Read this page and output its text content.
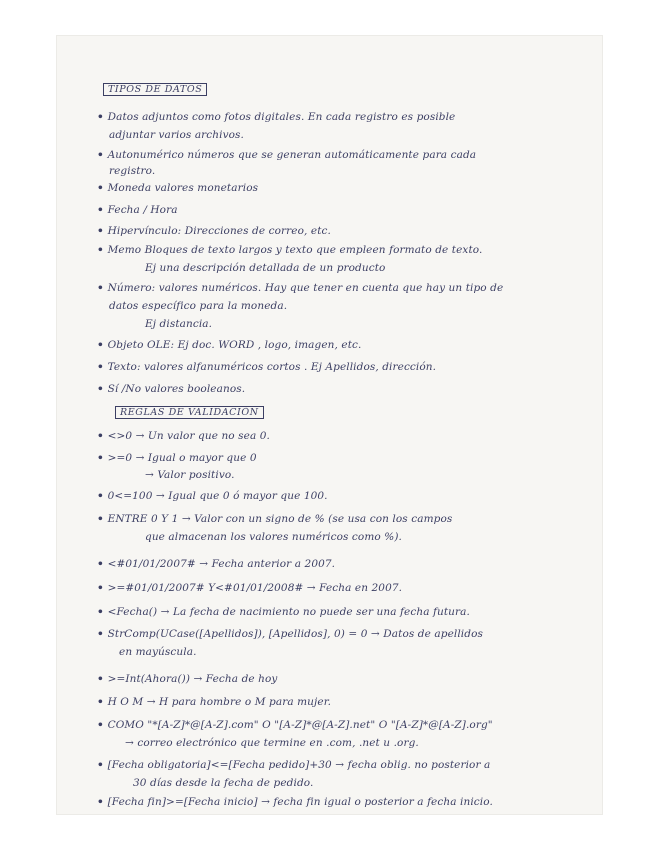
TIPOS DE DATOS
• Datos adjuntos como fotos digitales. En cada registro es posible
adjuntar varios archivos.
• Autonumérico números que se generan automáticamente para cada
registro.
• Moneda valores monetarios
• Fecha / Hora
• Hipervínculo: Direcciones de correo, etc.
• Memo Bloques de texto largos y texto que empleen formato de texto.
Ej una descripción detallada de un producto
• Número: valores numéricos. Hay que tener en cuenta que hay un tipo de
datos específico para la moneda.
Ej distancia.
• Objeto OLE: Ej doc. WORD , logo, imagen, etc.
• Texto: valores alfanuméricos cortos . Ej Apellidos, dirección.
• Sí /No valores booleanos.
REGLAS DE VALIDACIÓN
• <>0 → Un valor que no sea 0.
• >=0 → Igual o mayor que 0
→ Valor positivo.
• 0<=100 → Igual que 0 ó mayor que 100.
• ENTRE 0 Y 1 → Valor con un signo de % (se usa con los campos
que almacenan los valores numéricos como %).
• <#01/01/2007# → Fecha anterior a 2007.
• >=#01/01/2007# Y<#01/01/2008# → Fecha en 2007.
• <Fecha() → La fecha de nacimiento no puede ser una fecha futura.
• StrComp(UCase([Apellidos]), [Apellidos], 0) = 0 → Datos de apellidos
en mayúscula.
• >=Int(Ahora()) → Fecha de hoy
• H O M → H para hombre o M para mujer.
• COMO "*[A-Z]*@[A-Z].com" O "[A-Z]*@[A-Z].net" O "[A-Z]*@[A-Z].org"
→ correo electrónico que termine en .com, .net u .org.
• [Fecha obligatoria]<=[Fecha pedido]+30 → fecha oblig. no posterior a
30 días desde la fecha de pedido.
• [Fecha fin]>=[Fecha inicio] → fecha fin igual o posterior a fecha inicio.
